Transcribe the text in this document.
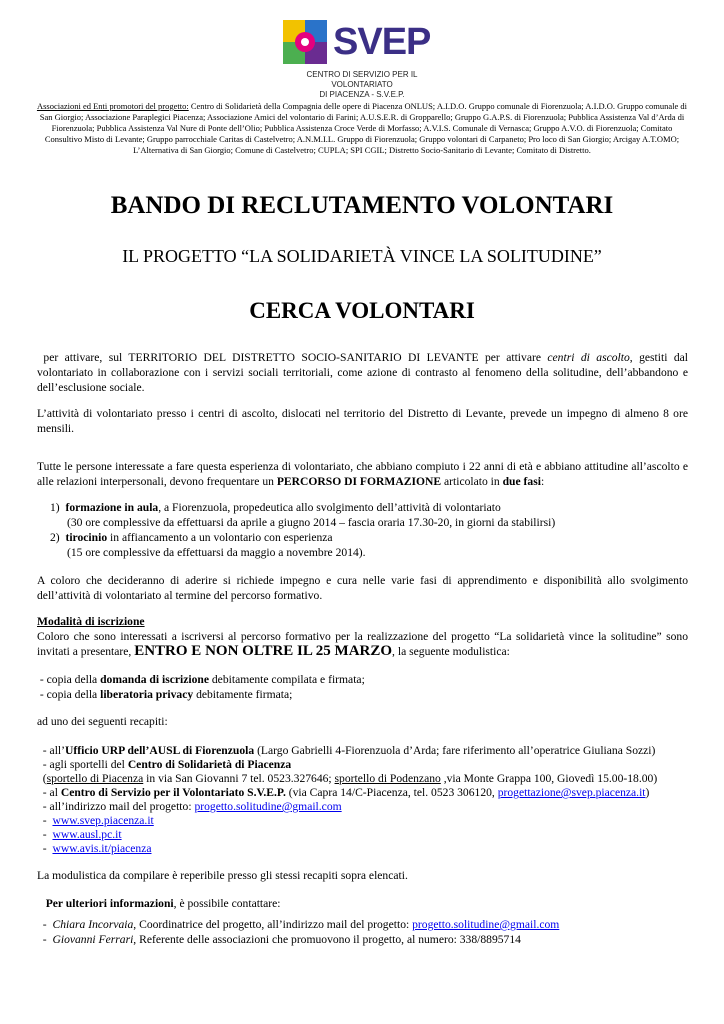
SVEP
CENTRO DI SERVIZIO PER IL VOLONTARIATO
DI PIACENZA - S.V.E.P.
Associazioni ed Enti promotori del progetto: Centro di Solidarietà della Compagnia delle opere di Piacenza ONLUS; A.I.D.O. Gruppo comunale di Fiorenzuola; A.I.D.O. Gruppo comunale di San Giorgio; Associazione Paraplegici Piacenza; Associazione Amici del volontario di Farini; A.U.S.E.R. di Gropparello; Gruppo G.A.P.S. di Fiorenzuola; Pubblica Assistenza Val d’Arda di Fiorenzuola; Pubblica Assistenza Val Nure di Ponte dell’Olio; Pubblica Assistenza Croce Verde di Morfasso; A.V.I.S. Comunale di Vernasca; Gruppo A.V.O. di Fiorenzuola; Comitato Consultivo Misto di Levante; Gruppo parrocchiale Caritas di Castelvetro; A.N.M.I.L. Gruppo di Fiorenzuola; Gruppo volontari di Carpaneto; Pro loco di San Giorgio; Arcigay A.T.OMO; L’Alternativa di San Giorgio; Comune di Castelvetro; CUPLA; SPI CGIL; Distretto Socio-Sanitario di Levante; Comitato di Distretto.
BANDO DI RECLUTAMENTO VOLONTARI
IL PROGETTO “LA SOLIDARIETÀ VINCE LA SOLITUDINE”
CERCA VOLONTARI
per attivare, sul TERRITORIO DEL DISTRETTO SOCIO-SANITARIO DI LEVANTE per attivare centri di ascolto, gestiti dal volontariato in collaborazione con i servizi sociali territoriali, come azione di contrasto al fenomeno della solitudine, dell’abbandono e dell’esclusione sociale.
L’attività di volontariato presso i centri di ascolto, dislocati nel territorio del Distretto di Levante, prevede un impegno di almeno 8 ore mensili.
Tutte le persone interessate a fare questa esperienza di volontariato, che abbiano compiuto i 22 anni di età e abbiano attitudine all’ascolto e alle relazioni interpersonali, devono frequentare un PERCORSO DI FORMAZIONE articolato in due fasi:
1) formazione in aula, a Fiorenzuola, propedeutica allo svolgimento dell’attività di volontariato
(30 ore complessive da effettuarsi da aprile a giugno 2014 – fascia oraria 17.30-20, in giorni da stabilirsi)
2) tirocinio in affiancamento a un volontario con esperienza
(15 ore complessive da effettuarsi da maggio a novembre 2014).
A coloro che decideranno di aderire si richiede impegno e cura nelle varie fasi di apprendimento e disponibilità allo svolgimento dell’attività di volontariato al termine del percorso formativo.
Modalità di iscrizione
Coloro che sono interessati a iscriversi al percorso formativo per la realizzazione del progetto “La solidarietà vince la solitudine” sono invitati a presentare, ENTRO E NON OLTRE IL 25 MARZO, la seguente modulistica:
- copia della domanda di iscrizione debitamente compilata e firmata;
- copia della liberatoria privacy debitamente firmata;
ad uno dei seguenti recapiti:
- all’Ufficio URP dell’AUSL di Fiorenzuola (Largo Gabrielli 4-Fiorenzuola d’Arda; fare riferimento all’operatrice Giuliana Sozzi)
- agli sportelli del Centro di Solidarietà di Piacenza
(sportello di Piacenza in via San Giovanni 7 tel. 0523.327646; sportello di Podenzano ,via Monte Grappa 100, Giovedì 15.00-18.00)
- al Centro di Servizio per il Volontariato S.V.E.P. (via Capra 14/C-Piacenza, tel. 0523 306120, progettazione@svep.piacenza.it)
- all’indirizzo mail del progetto: progetto.solitudine@gmail.com
-  www.svep.piacenza.it
-  www.ausl.pc.it
-  www.avis.it/piacenza
La modulistica da compilare è reperibile presso gli stessi recapiti sopra elencati.
Per ulteriori informazioni, è possibile contattare:
-  Chiara Incorvaia, Coordinatrice del progetto, all’indirizzo mail del progetto: progetto.solitudine@gmail.com
-  Giovanni Ferrari, Referente delle associazioni che promuovono il progetto, al numero: 338/8895714
